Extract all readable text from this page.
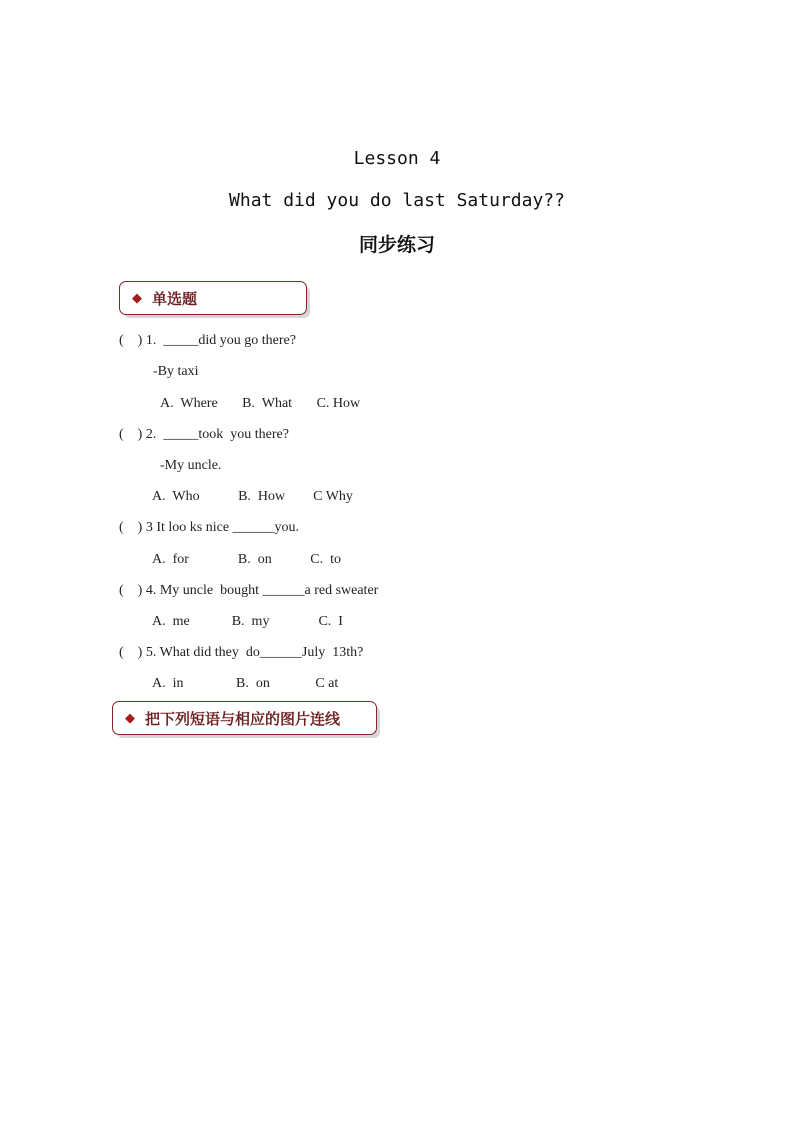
Lesson 4
What did you do last Saturday??
同步练习
◆ 单选题
(    ) 1.  _____did you go there?
-By taxi
A.  Where       B.  What       C. How
(    ) 2.  _____took  you there?
-My uncle.
A.  Who           B.  How        C Why
(    ) 3 It loo ks nice ______you.
A.  for              B.  on           C.  to
(    ) 4. My uncle  bought ______a red sweater
A.  me            B.  my              C.  I
(    ) 5. What did they  do______July  13th?
A.  in               B.  on             C at
◆ 把下列短语与相应的图片连线
